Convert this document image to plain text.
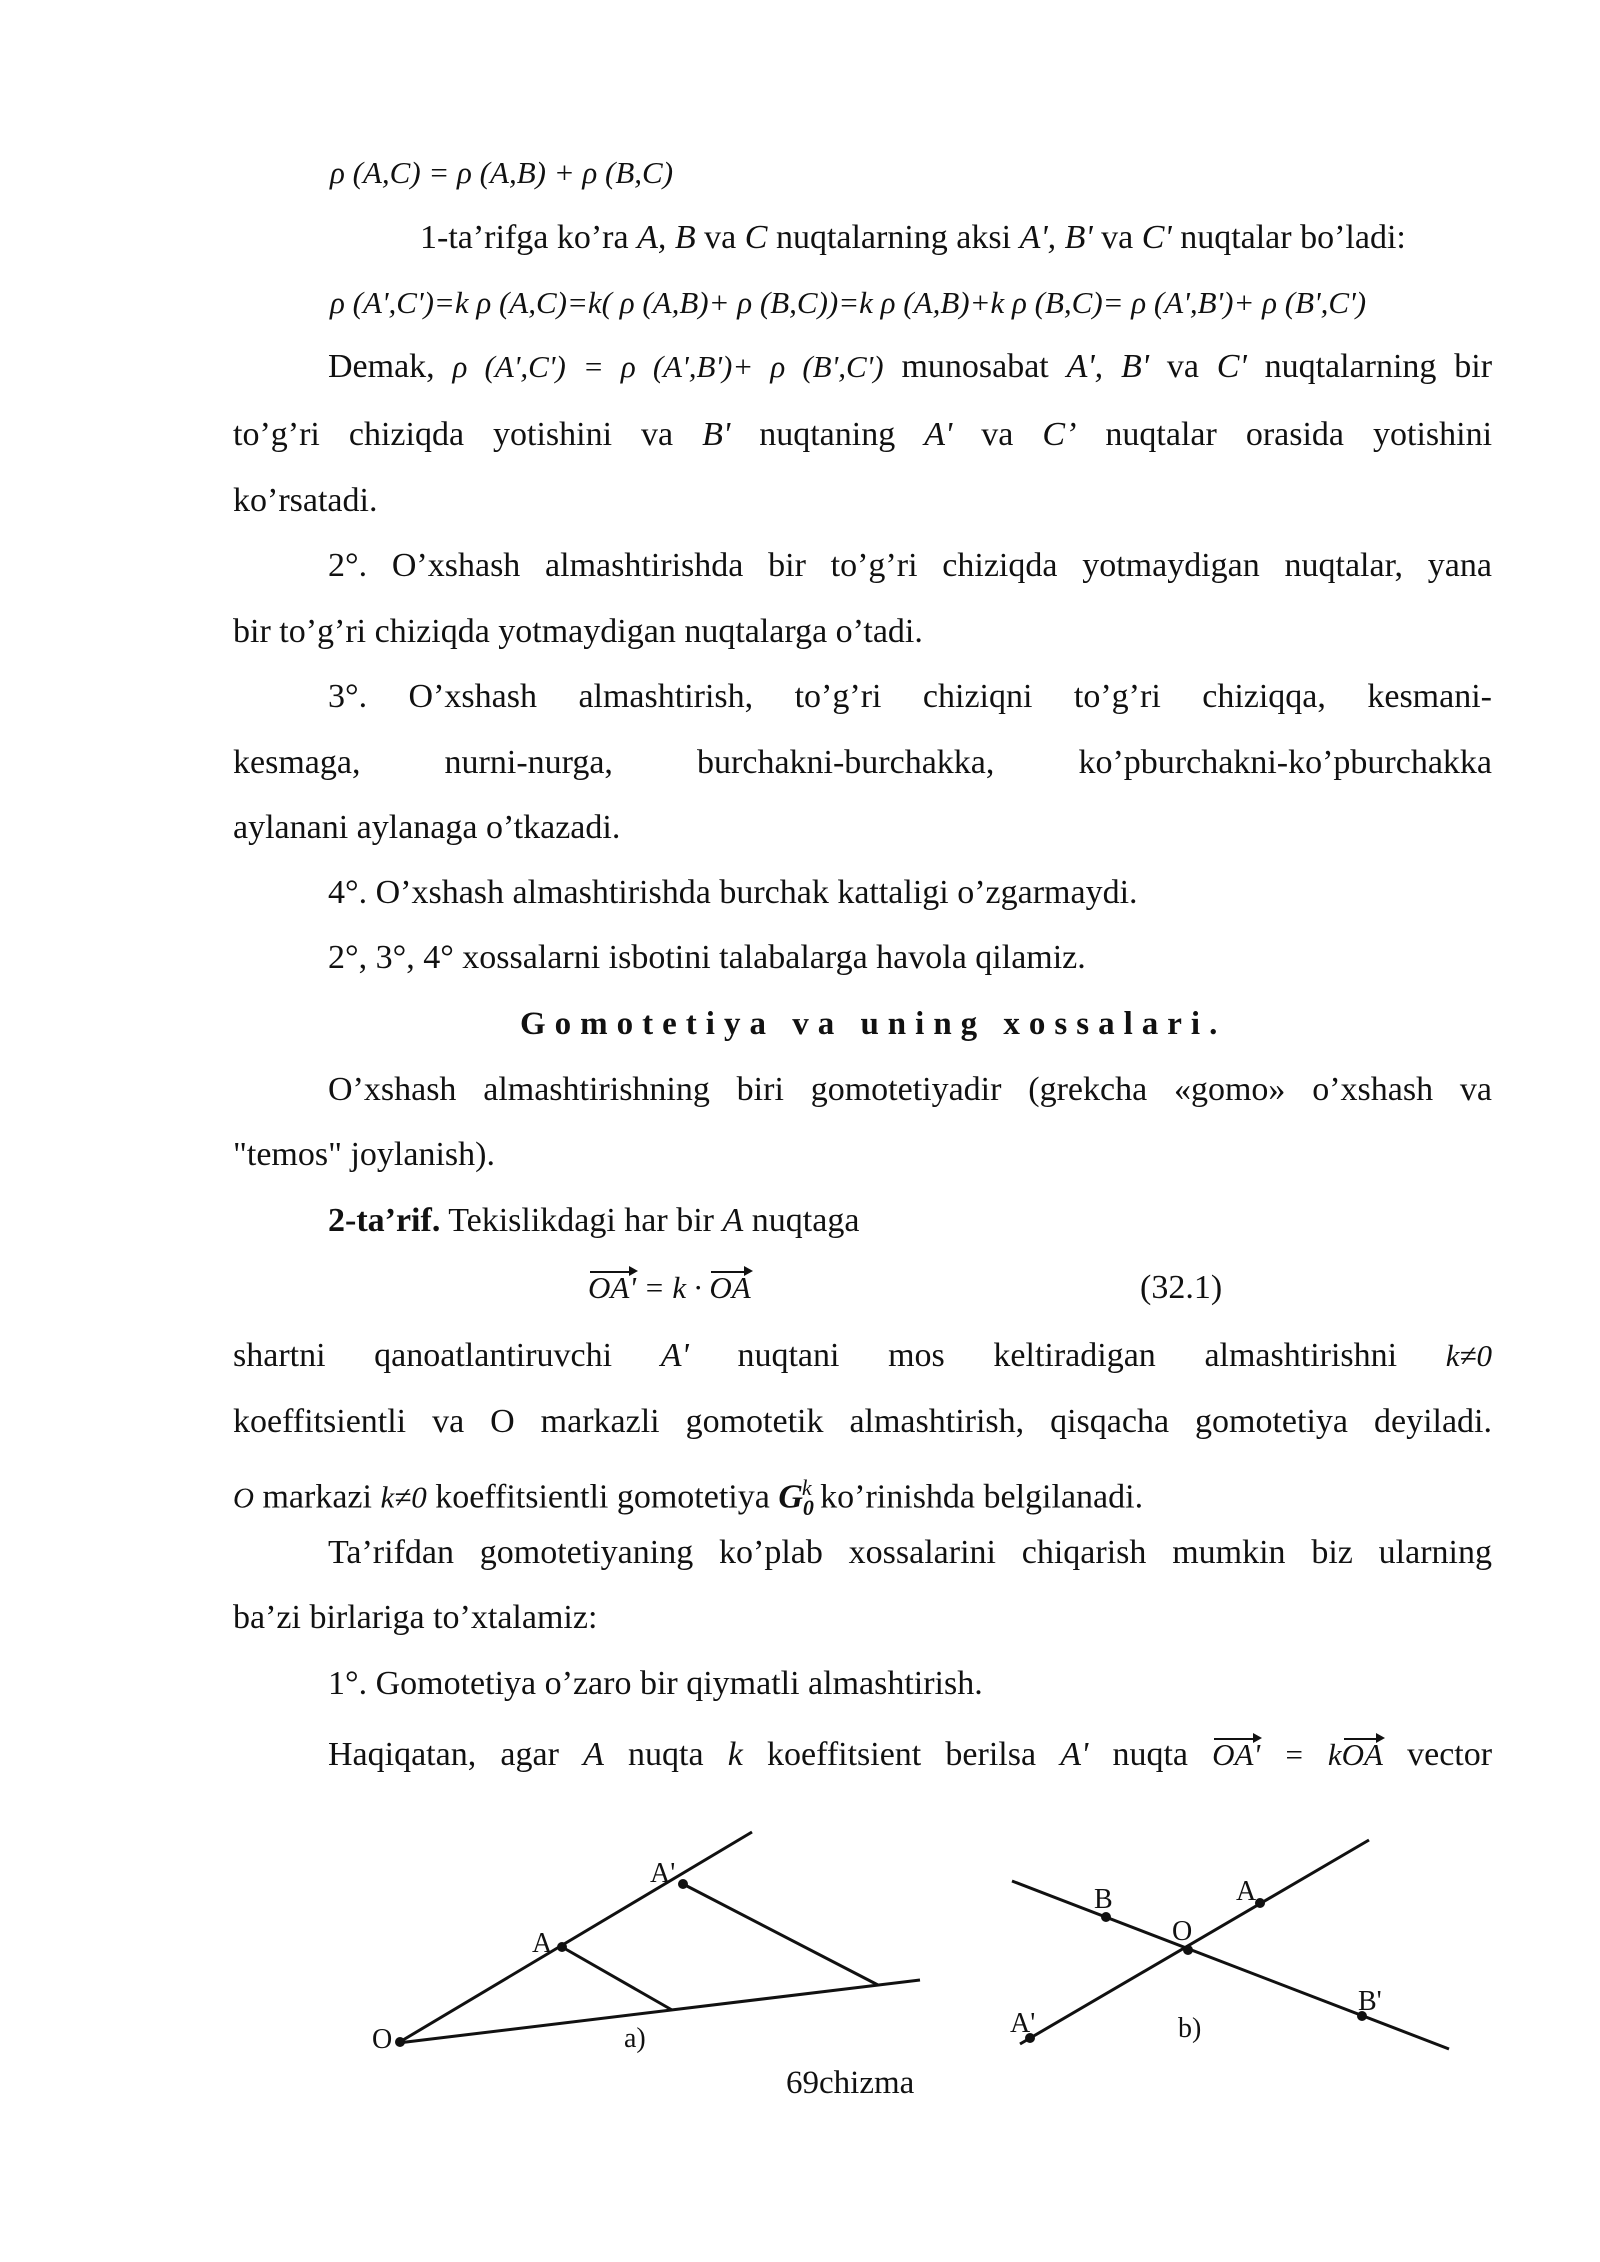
ρ (A,C) = ρ (A,B) + ρ (B,C)
1-ta’rifga ko’ra A, B va C nuqtalarning aksi A', B' va C' nuqtalar bo’ladi:
ρ (A',C')=k ρ (A,C)=k( ρ (A,B)+ ρ (B,C))=k ρ (A,B)+k ρ (B,C)= ρ (A',B')+ ρ (B',C')
Demak, ρ (A',C') = ρ (A',B')+ ρ (B',C') munosabat A', B' va C' nuqtalarning bir
to’g’ri chiziqda yotishini va B' nuqtaning A' va C’ nuqtalar orasida yotishini
ko’rsatadi.
2°. O’xshash almashtirishda bir to’g’ri chiziqda yotmaydigan nuqtalar, yana
bir to’g’ri chiziqda yotmaydigan nuqtalarga o’tadi.
3°. O’xshash almashtirish, to’g’ri chiziqni to’g’ri chiziqqa, kesmani-
kesmaga, nurni-nurga, burchakni-burchakka, ko’pburchakni-ko’pburchakka
aylanani aylanaga o’tkazadi.
4°. O’xshash almashtirishda burchak kattaligi o’zgarmaydi.
2°, 3°, 4° xossalarni isbotini talabalarga havola qilamiz.
Gomotetiya va uning xossalari.
O’xshash almashtirishning biri gomotetiyadir (grekcha «gomo» o’xshash va
"temos" joylanish).
2-ta’rif. Tekislikdagi har bir A nuqtaga
OA' = k · OA	(32.1)
shartni qanoatlantiruvchi A' nuqtani mos keltiradigan almashtirishni k≠0
koeffitsientli va O markazli gomotetik almashtirish, qisqacha gomotetiya deyiladi.
O markazi k≠0 koeffitsientli gomotetiya $G_0^k$ ko’rinishda belgilanadi.
Ta’rifdan gomotetiyaning ko’plab xossalarini chiqarish mumkin biz ularning
ba’zi birlariga to’xtalamiz:
1°. Gomotetiya o’zaro bir qiymatli almashtirish.
Haqiqatan, agar A nuqta k koeffitsient berilsa A' nuqta OA' = kOA vector
O
A
A'
a)
B	A
O
A'
B'
b)
69chizma
